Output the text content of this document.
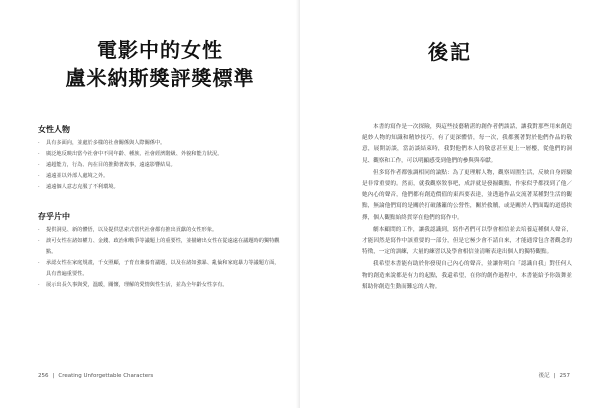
電影中的女性
盧米納斯獎評獎標準
女性人物
·	具有多面向，並處於多樣的社會關係與人際關係中。
·	廣泛地反映出當今社會中不同年齡、種族、社會經濟階級、外貌和能力狀況。
·	遠超能力，行為、內在目的推動著故事，遠遠影響結局。
·	遠遠並以外部人處境之外。
·	遠遠個人意志克服了不利環境。
存乎片中
·	提供洞見、新的體悟，以及提供思索式當代社會都有推出貢獻的女性形象。
·	談可女性在諸如權力、金錢、政治和戰爭等議題上的重要性，並描繪出女性在從遠遠在議題時的獨特觀點。
·	承認女性在家庭規畫，千女照顧，子育直兼養育議題，以及在諸如強暴、亂倫和家庭暴力等議題方面，具有普遍重要性。
·	展示出長久事與愛，溫暖，關懷，理解的愛情與性生活，並為全年齡女性享有。
256 | Creating Unforgettable Characters
後記

本書的寫作是一次探險，與這些技藝精湛的創作者們談話，讓我對那些用來創造絕妙人物的知識和精妙技巧，有了更深體悟，每一次，我都獲著對於他們作品的敬意，展開訪談，當訪談結束時，我對他們本人的敬意甚至更上一層樓，從他們的洞見、觀察和工作，可以明顯感受到他們的參與與奉獻。

但多寫作者都強調相同的論點：為了更理解人物，觀察周圍生活，反映自身經驗是非常重要的。然而，就我觀察敘事吧，成評就是發掘觀點，作家似乎都找到了他／她內心的聲音，他們都有創造價值的東西要表達，並透過作品交流著某種對生活的觀點，無論他們寫的是關於打破藩籬的公營性，關於救贖，或是關於人們面臨的道德抉擇，個人觀點始終貫穿在他們的寫作中。

劇本顧問的工作，讓我認識到，寫作者們可以學會相信並去培養這種個人聲音，才能因然是寫作中該重要的一部分，但是它極少會不請自來，才能通常包含著觀念的特徵，一定的訓練，大量的練習以及學會相信並清晰表達出個人的獨特觀點。

我希望本書能有助於你發現自己內心的聲音，並讓你明白「認識自我」對任何人物的創造來說都是有力的起點，我還希望，在你的創作過程中，本書能給予你鼓舞並幫助你創造生動而難忘的人物。

後記 | 257
